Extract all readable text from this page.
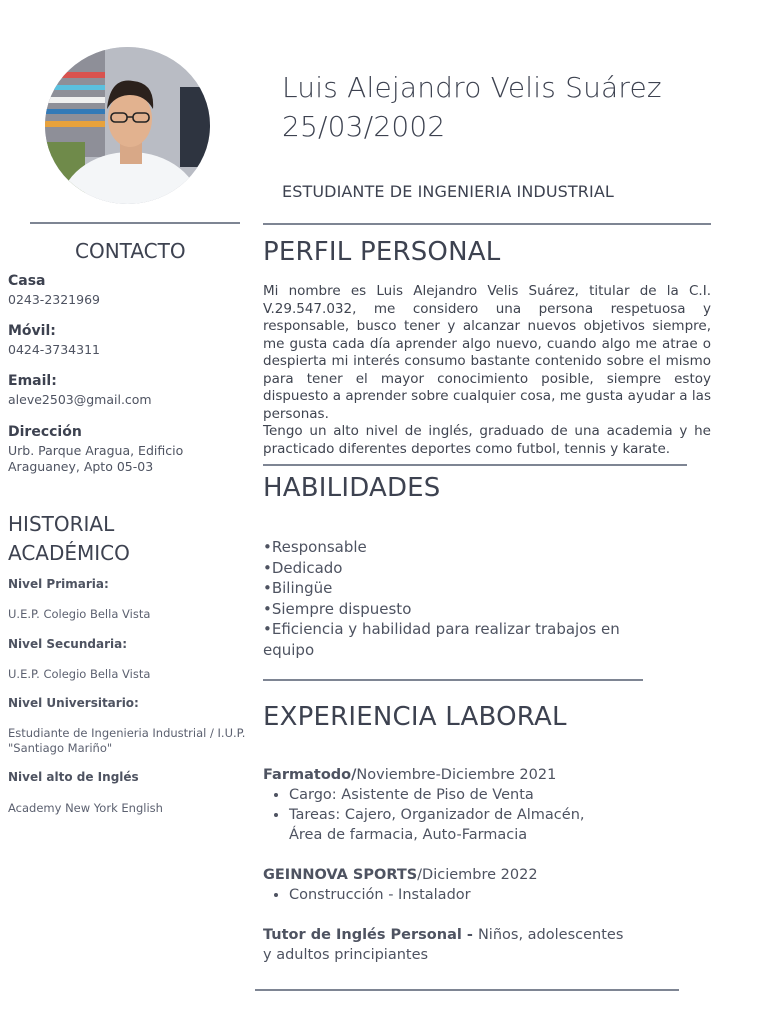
Luis Alejandro Velis Suárez
25/03/2002
ESTUDIANTE DE INGENIERIA INDUSTRIAL
CONTACTO
Casa
0243-2321969
Móvil:
0424-3734311
Email:
aleve2503@gmail.com
Dirección
Urb. Parque Aragua, Edificio
Araguaney, Apto 05-03
HISTORIAL
ACADÉMICO
Nivel Primaria:
U.E.P. Colegio Bella Vista
Nivel Secundaria:
U.E.P. Colegio Bella Vista
Nivel Universitario:
Estudiante de Ingenieria Industrial / I.U.P.
"Santiago Mariño"
Nivel alto de Inglés
Academy New York English
PERFIL PERSONAL
Mi nombre es Luis Alejandro Velis Suárez, titular de la C.I. V.29.547.032, me considero una persona respetuosa y responsable, busco tener y alcanzar nuevos objetivos siempre, me gusta cada día aprender algo nuevo, cuando algo me atrae o despierta mi interés consumo bastante contenido sobre el mismo para tener el mayor conocimiento posible, siempre estoy dispuesto a aprender sobre cualquier cosa, me gusta ayudar a las personas.
Tengo un alto nivel de inglés, graduado de una academia y he practicado diferentes deportes como futbol, tennis y karate.
HABILIDADES
•Responsable
•Dedicado
•Bilingüe
•Siempre dispuesto
•Eficiencia y habilidad para realizar trabajos en
equipo
EXPERIENCIA LABORAL
Farmatodo/Noviembre-Diciembre 2021
• Cargo: Asistente de Piso de Venta
• Tareas: Cajero, Organizador de Almacén,
Área de farmacia, Auto-Farmacia
GEINNOVA SPORTS/Diciembre 2022
• Construcción - Instalador
Tutor de Inglés Personal - Niños, adolescentes
y adultos principiantes
